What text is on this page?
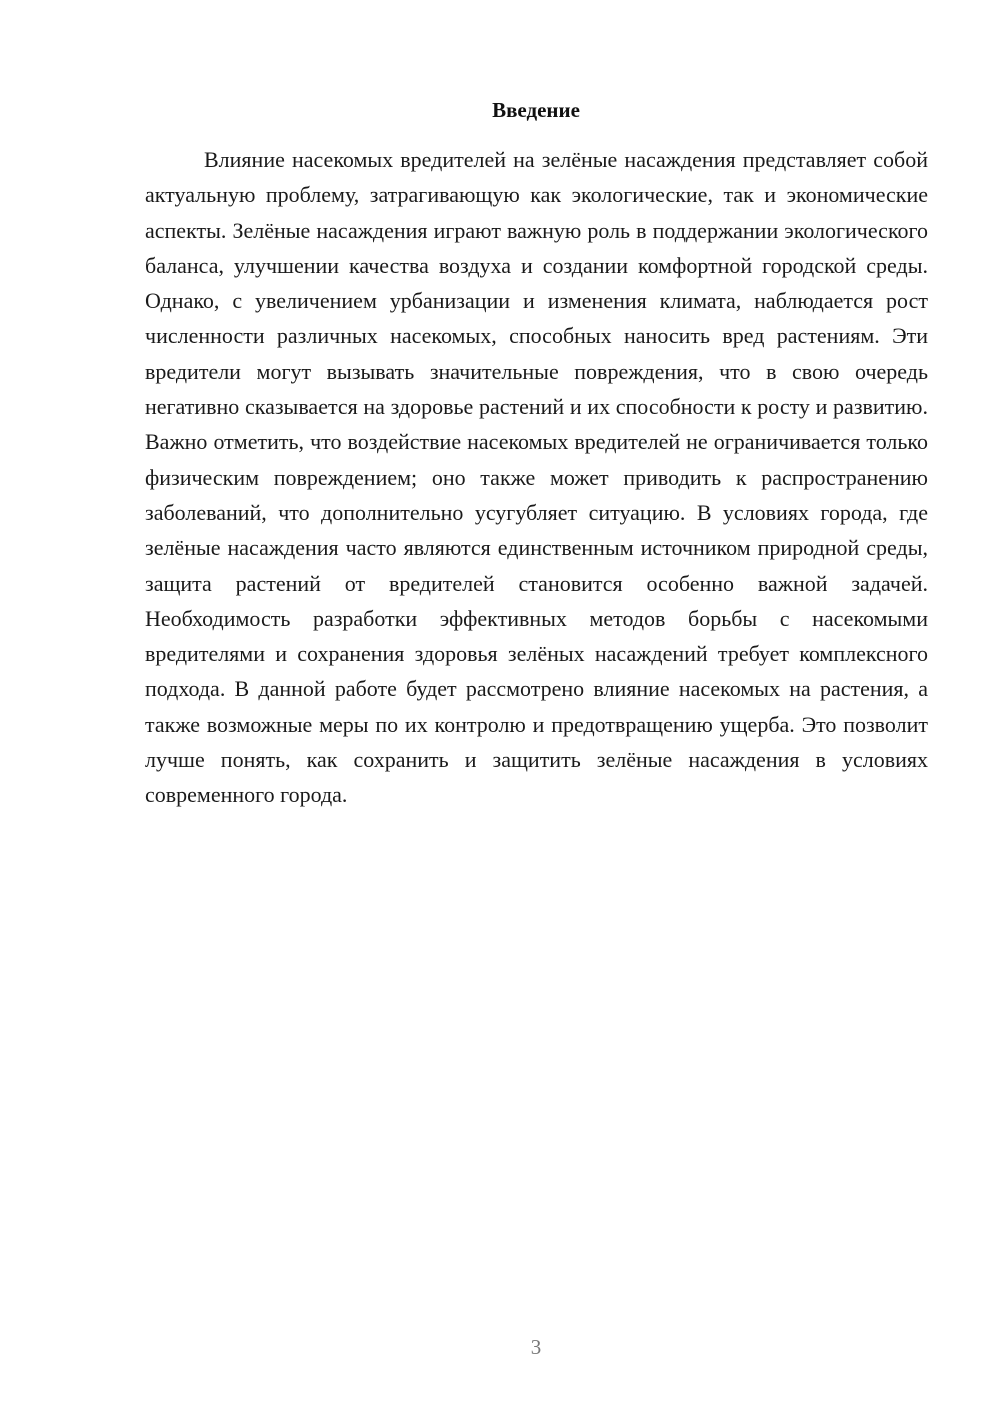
Введение

Влияние насекомых вредителей на зелёные насаждения представляет собой актуальную проблему, затрагивающую как экологические, так и экономические аспекты. Зелёные насаждения играют важную роль в поддержании экологического баланса, улучшении качества воздуха и создании комфортной городской среды. Однако, с увеличением урбанизации и изменения климата, наблюдается рост численности различных насекомых, способных наносить вред растениям. Эти вредители могут вызывать значительные повреждения, что в свою очередь негативно сказывается на здоровье растений и их способности к росту и развитию. Важно отметить, что воздействие насекомых вредителей не ограничивается только физическим повреждением; оно также может приводить к распространению заболеваний, что дополнительно усугубляет ситуацию. В условиях города, где зелёные насаждения часто являются единственным источником природной среды, защита растений от вредителей становится особенно важной задачей. Необходимость разработки эффективных методов борьбы с насекомыми вредителями и сохранения здоровья зелёных насаждений требует комплексного подхода. В данной работе будет рассмотрено влияние насекомых на растения, а также возможные меры по их контролю и предотвращению ущерба. Это позволит лучше понять, как сохранить и защитить зелёные насаждения в условиях современного города.

3
